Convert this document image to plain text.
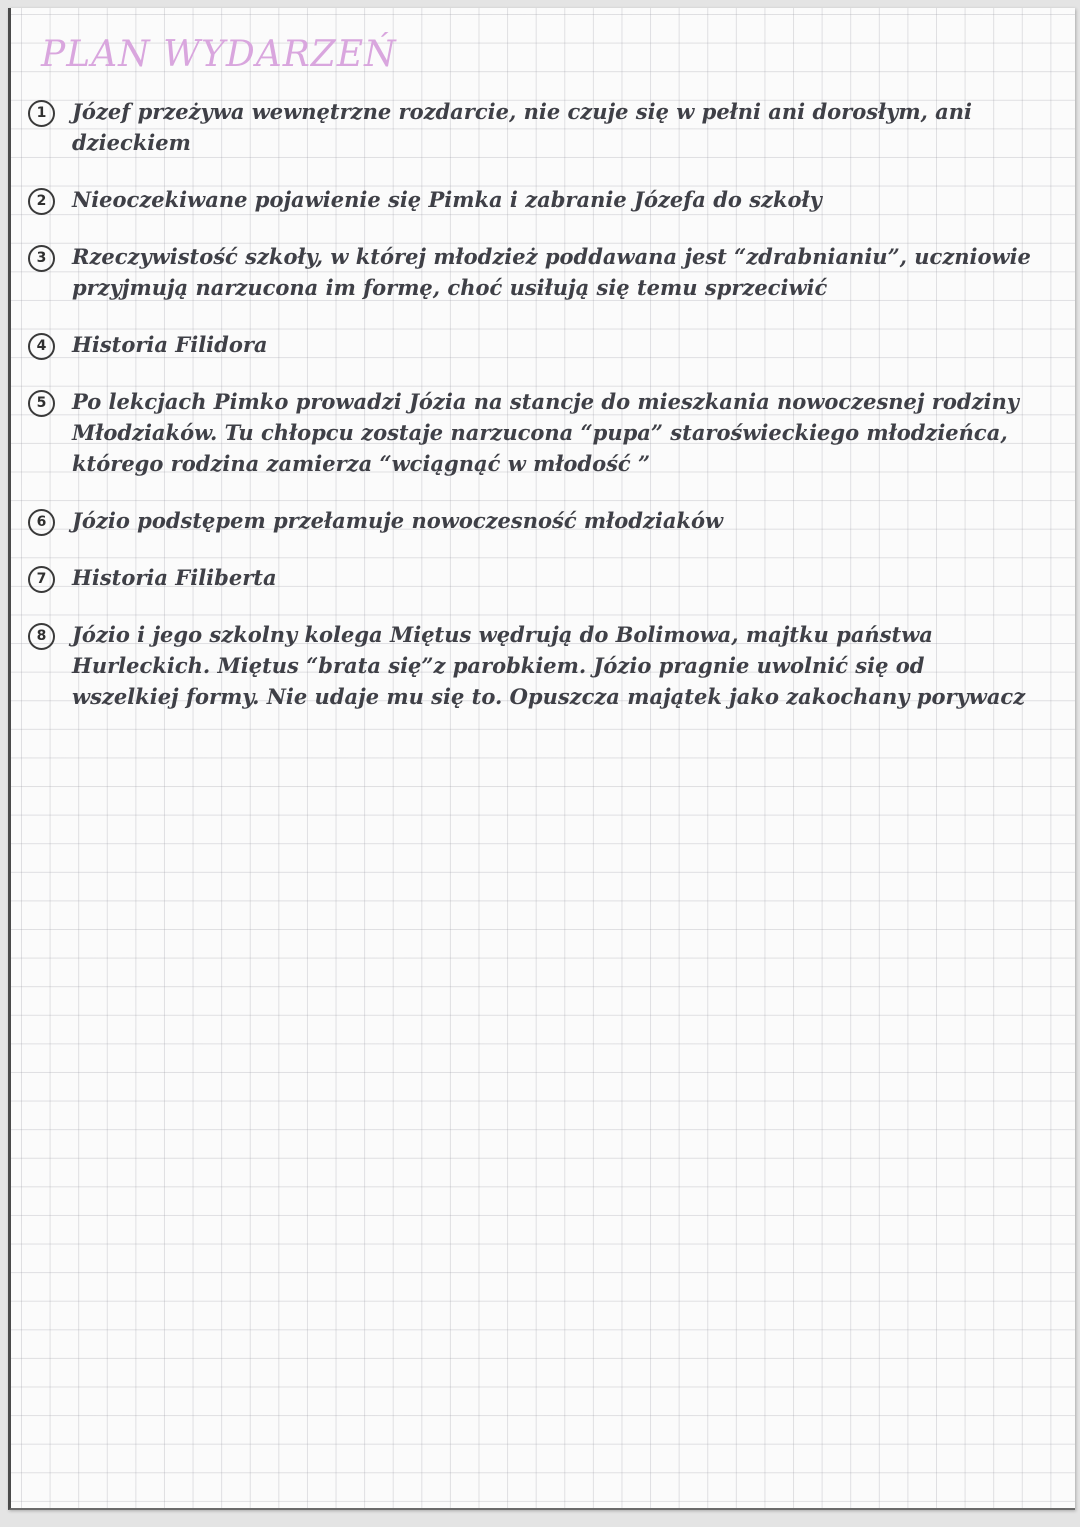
PLAN WYDARZEŃ
1	Józef przeżywa wewnętrzne rozdarcie, nie czuje się w pełni ani dorosłym, ani dzieckiem
2	Nieoczekiwane pojawienie się Pimka i zabranie Józefa do szkoły
3	Rzeczywistość szkoły, w której młodzież poddawana jest “zdrabnianiu”, uczniowie przyjmują narzucona im formę, choć usiłują się temu sprzeciwić
4	Historia Filidora
5	Po lekcjach Pimko prowadzi Józia na stancje do mieszkania nowoczesnej rodziny Młodziaków. Tu chłopcu zostaje narzucona “pupa” staroświeckiego młodzieńca, którego rodzina zamierza “wciągnąć w młodość ”
6	Józio podstępem przełamuje nowoczesność młodziaków
7	Historia Filiberta
8	Józio i jego szkolny kolega Miętus wędrują do Bolimowa, majtku państwa Hurleckich. Miętus “brata się”z parobkiem. Józio pragnie uwolnić się od wszelkiej formy. Nie udaje mu się to. Opuszcza majątek jako zakochany porywacz
